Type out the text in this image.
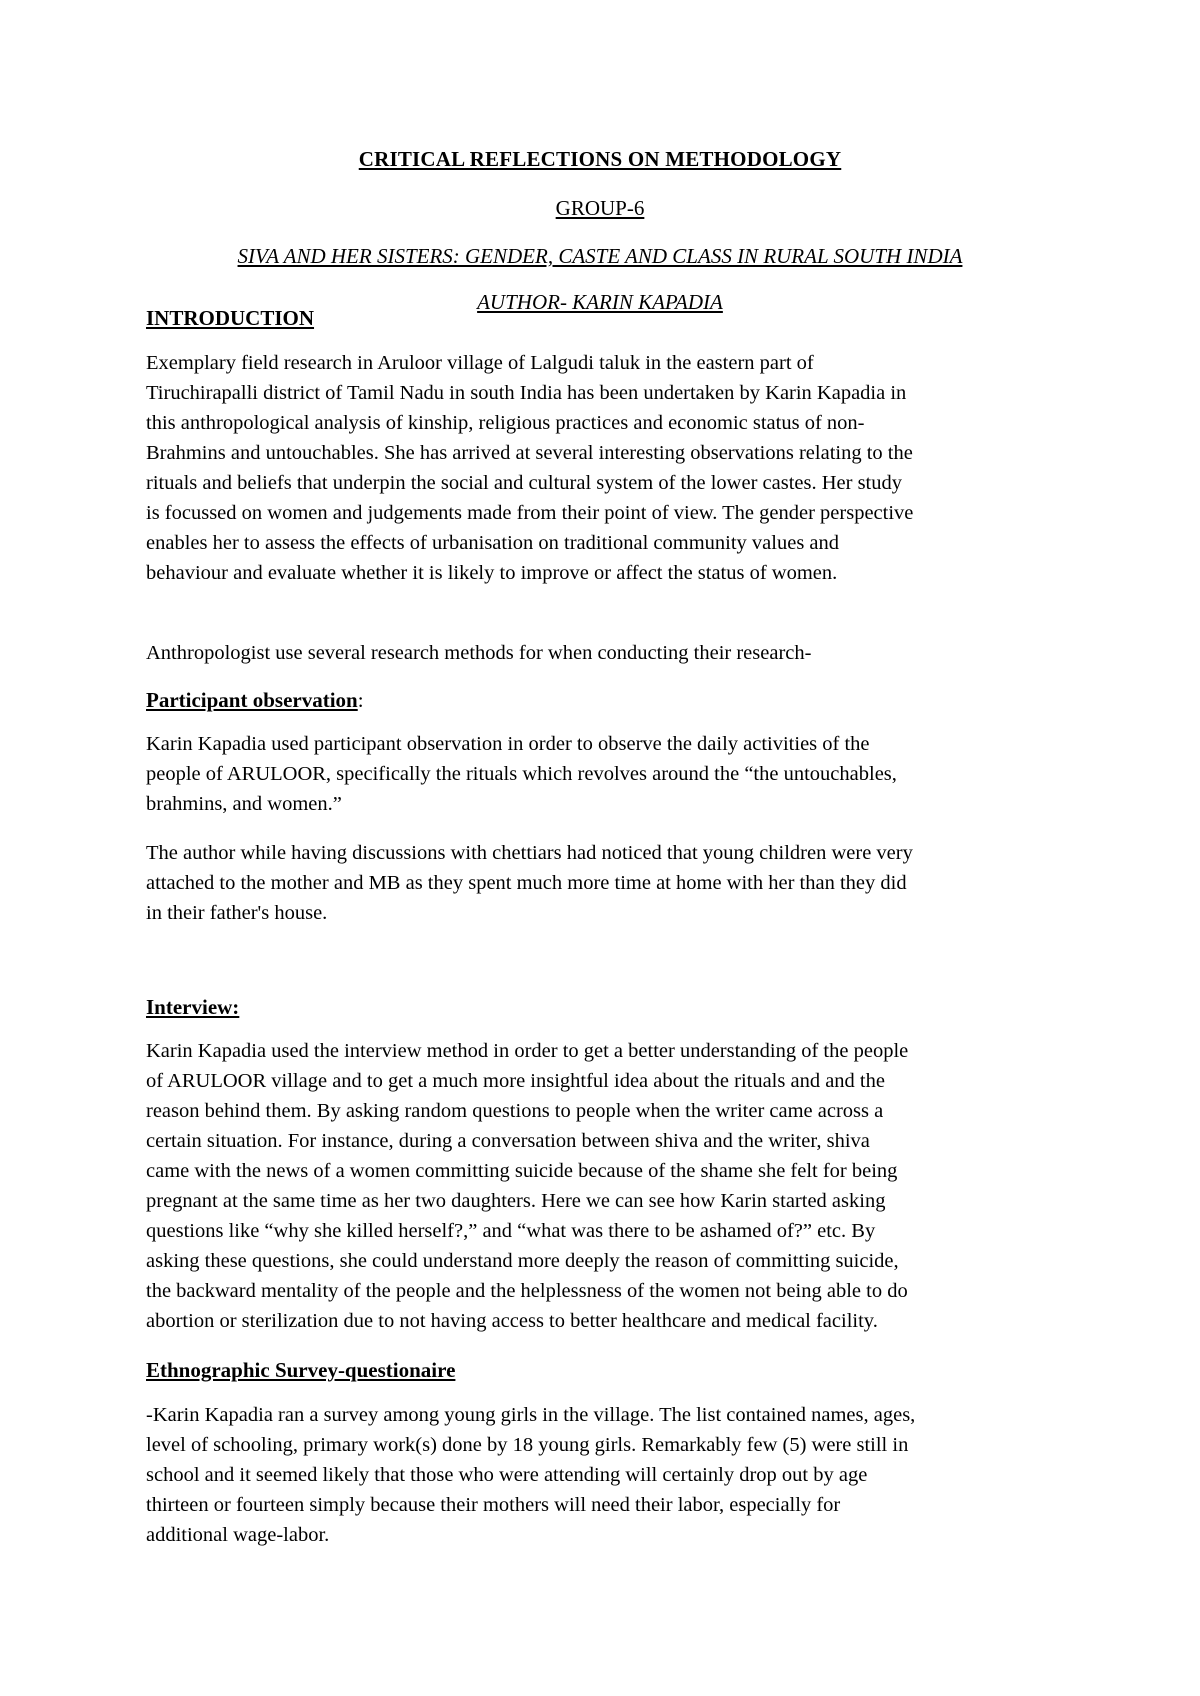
CRITICAL REFLECTIONS ON METHODOLOGY
GROUP-6
SIVA AND HER SISTERS: GENDER, CASTE AND CLASS IN RURAL SOUTH INDIA
AUTHOR- KARIN KAPADIA
INTRODUCTION
Exemplary field research in Aruloor village of Lalgudi taluk in the eastern part of
Tiruchirapalli district of Tamil Nadu in south India has been undertaken by Karin Kapadia in
this anthropological analysis of kinship, religious practices and economic status of non-
Brahmins and untouchables. She has arrived at several interesting observations relating to the
rituals and beliefs that underpin the social and cultural system of the lower castes. Her study
is focussed on women and judgements made from their point of view. The gender perspective
enables her to assess the effects of urbanisation on traditional community values and
behaviour and evaluate whether it is likely to improve or affect the status of women.
Anthropologist use several research methods for when conducting their research-
Participant observation:
Karin Kapadia used participant observation in order to observe the daily activities of the
people of ARULOOR, specifically the rituals which revolves around the “the untouchables,
brahmins, and women.”
The author while having discussions with chettiars had noticed that young children were very
attached to the mother and MB as they spent much more time at home with her than they did
in their father's house.
Interview:
Karin Kapadia used the interview method in order to get a better understanding of the people
of ARULOOR village and to get a much more insightful idea about the rituals and and the
reason behind them. By asking random questions to people when the writer came across a
certain situation. For instance, during a conversation between shiva and the writer, shiva
came with the news of a women committing suicide because of the shame she felt for being
pregnant at the same time as her two daughters. Here we can see how Karin started asking
questions like “why she killed herself?,” and “what was there to be ashamed of?” etc. By
asking these questions, she could understand more deeply the reason of committing suicide,
the backward mentality of the people and the helplessness of the women not being able to do
abortion or sterilization due to not having access to better healthcare and medical facility.
Ethnographic Survey-questionaire
-Karin Kapadia ran a survey among young girls in the village. The list contained names, ages,
level of schooling, primary work(s) done by 18 young girls. Remarkably few (5) were still in
school and it seemed likely that those who were attending will certainly drop out by age
thirteen or fourteen simply because their mothers will need their labor, especially for
additional wage-labor.
